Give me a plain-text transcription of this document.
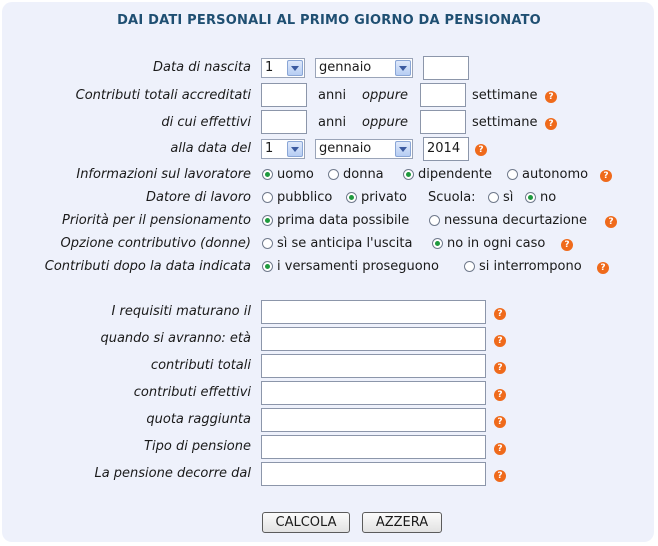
DAI DATI PERSONALI AL PRIMO GIORNO DA PENSIONATO
Data di nascita	1	gennaio
Contributi totali accreditati	anni oppure	settimane	?
di cui effettivi	anni oppure	settimane	?
alla data del	1	gennaio	2014	?
Informazioni sul lavoratore uomo donna	dipendente autonomo	?
Datore di lavoro pubblico privato Scuola: sì no
Priorità per il pensionamento prima data possibile	nessuna decurtazione	?
Opzione contributivo (donne) sì se anticipa l'uscita	no in ogni caso	?
Contributi dopo la data indicata i versamenti proseguono	si interrompono	?
I requisiti maturano il	?
quando si avranno: età	?
contributi totali	?
contributi effettivi	?
quota raggiunta	?
Tipo di pensione	?
La pensione decorre dal	?
CALCOLA	AZZERA
